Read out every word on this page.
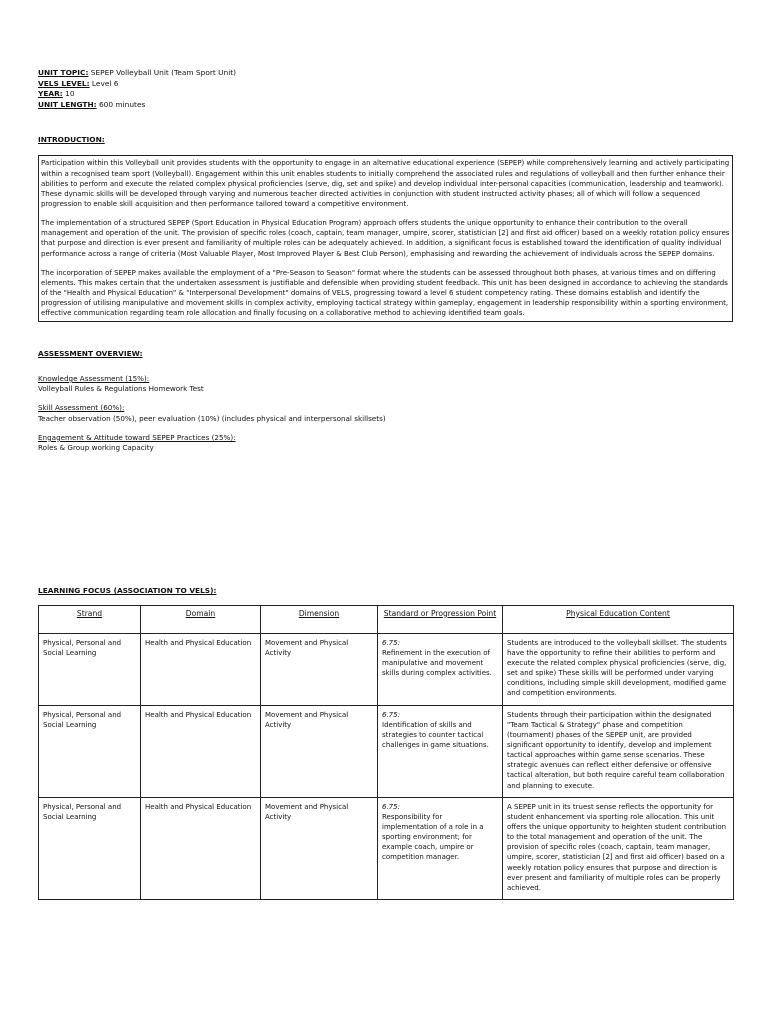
UNIT TOPIC: SEPEP Volleyball Unit (Team Sport Unit)
VELS LEVEL: Level 6
YEAR: 10
UNIT LENGTH: 600 minutes
INTRODUCTION:

Participation within this Volleyball unit provides students with the opportunity to engage in an alternative educational experience (SEPEP) while comprehensively learning and actively participating within a recognised team sport (Volleyball). Engagement within this unit enables students to initially comprehend the associated rules and regulations of volleyball and then further enhance their abilities to perform and execute the related complex physical proficiencies (serve, dig, set and spike) and develop individual inter-personal capacities (communication, leadership and teamwork). These dynamic skills will be developed through varying and numerous teacher directed activities in conjunction with student instructed activity phases; all of which will follow a sequenced progression to enable skill acquisition and then performance tailored toward a competitive environment.

The implementation of a structured SEPEP (Sport Education in Physical Education Program) approach offers students the unique opportunity to enhance their contribution to the overall management and operation of the unit. The provision of specific roles (coach, captain, team manager, umpire, scorer, statistician [2] and first aid officer) based on a weekly rotation policy ensures that purpose and direction is ever present and familiarity of multiple roles can be adequately achieved. In addition, a significant focus is established toward the identification of quality individual performance across a range of criteria (Most Valuable Player, Most Improved Player & Best Club Person), emphasising and rewarding the achievement of individuals across the SEPEP domains.

The incorporation of SEPEP makes available the employment of a "Pre-Season to Season" format where the students can be assessed throughout both phases, at various times and on differing elements. This makes certain that the undertaken assessment is justifiable and defensible when providing student feedback. This unit has been designed in accordance to achieving the standards of the "Health and Physical Education" & "Interpersonal Development" domains of VELS, progressing toward a level 6 student competency rating. These domains establish and identify the progression of utilising manipulative and movement skills in complex activity, employing tactical strategy within gameplay, engagement in leadership responsibility within a sporting environment, effective communication regarding team role allocation and finally focusing on a collaborative method to achieving identified team goals.

ASSESSMENT OVERVIEW:
Knowledge Assessment (15%):
Volleyball Rules & Regulations Homework Test
Skill Assessment (60%):
Teacher observation (50%), peer evaluation (10%) (includes physical and interpersonal skillsets)
Engagement & Attitude toward SEPEP Practices (25%):
Roles & Group working Capacity
LEARNING FOCUS (ASSOCIATION TO VELS):
Strand	Domain	Dimension	Standard or Progression Point	Physical Education Content
Physical, Personal and Social Learning	Health and Physical Education	Movement and Physical Activity	6.75:
Refinement in the execution of manipulative and movement skills during complex activities.	Students are introduced to the volleyball skillset. The students have the opportunity to refine their abilities to perform and execute the related complex physical proficiencies (serve, dig, set and spike) These skills will be performed under varying conditions, including simple skill development, modified game and competition environments.
Physical, Personal and Social Learning	Health and Physical Education	Movement and Physical Activity	6.75:
Identification of skills and strategies to counter tactical challenges in game situations.	Students through their participation within the designated "Team Tactical & Strategy" phase and competition (tournament) phases of the SEPEP unit, are provided significant opportunity to identify, develop and implement tactical approaches within game sense scenarios. These strategic avenues can reflect either defensive or offensive tactical alteration, but both require careful team collaboration and planning to execute.
Physical, Personal and Social Learning	Health and Physical Education	Movement and Physical Activity	6.75:
Responsibility for implementation of a role in a sporting environment; for example coach, umpire or competition manager.	A SEPEP unit in its truest sense reflects the opportunity for student enhancement via sporting role allocation. This unit offers the unique opportunity to heighten student contribution to the total management and operation of the unit. The provision of specific roles (coach, captain, team manager, umpire, scorer, statistician [2] and first aid officer) based on a weekly rotation policy ensures that purpose and direction is ever present and familiarity of multiple roles can be properly achieved.
